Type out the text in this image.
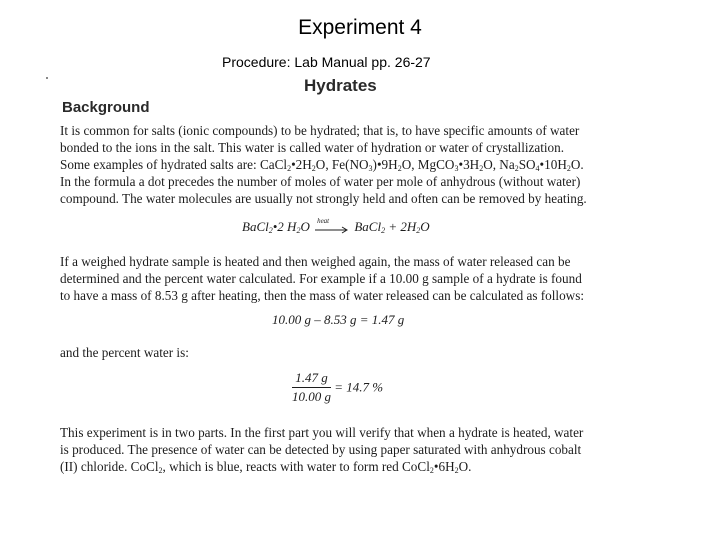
Experiment 4
Procedure: Lab Manual pp. 26-27
Hydrates
Background
It is common for salts (ionic compounds) to be hydrated; that is, to have specific amounts of water
bonded to the ions in the salt. This water is called water of hydration or water of crystallization.
Some examples of hydrated salts are: $CaCl_2•2H_2O$, $Fe(NO_3)•9H_2O$, $MgCO_3•3H_2O$, $Na_2SO_4•10H_2O$.
In the formula a dot precedes the number of moles of water per mole of anhydrous (without water)
compound. The water molecules are usually not strongly held and often can be removed by heating.
BaCl$_2$•2 $H_2O$ heat BaCl$_2$ + $2H_2O$
If a weighed hydrate sample is heated and then weighed again, the mass of water released can be
determined and the percent water calculated. For example if a 10.00 g sample of a hydrate is found
to have a mass of 8.53 g after heating, then the mass of water released can be calculated as follows:
10.00 g – 8.53 g = 1.47 g
and the percent water is:
$\frac{1.47 g}{10.00 g} = 14.7$ %
This experiment is in two parts. In the first part you will verify that when a hydrate is heated, water
is produced. The presence of water can be detected by using paper saturated with anhydrous cobalt
(II) chloride. CoCl$_2$, which is blue, reacts with water to form red $CoCl_2•6H_2O$.
